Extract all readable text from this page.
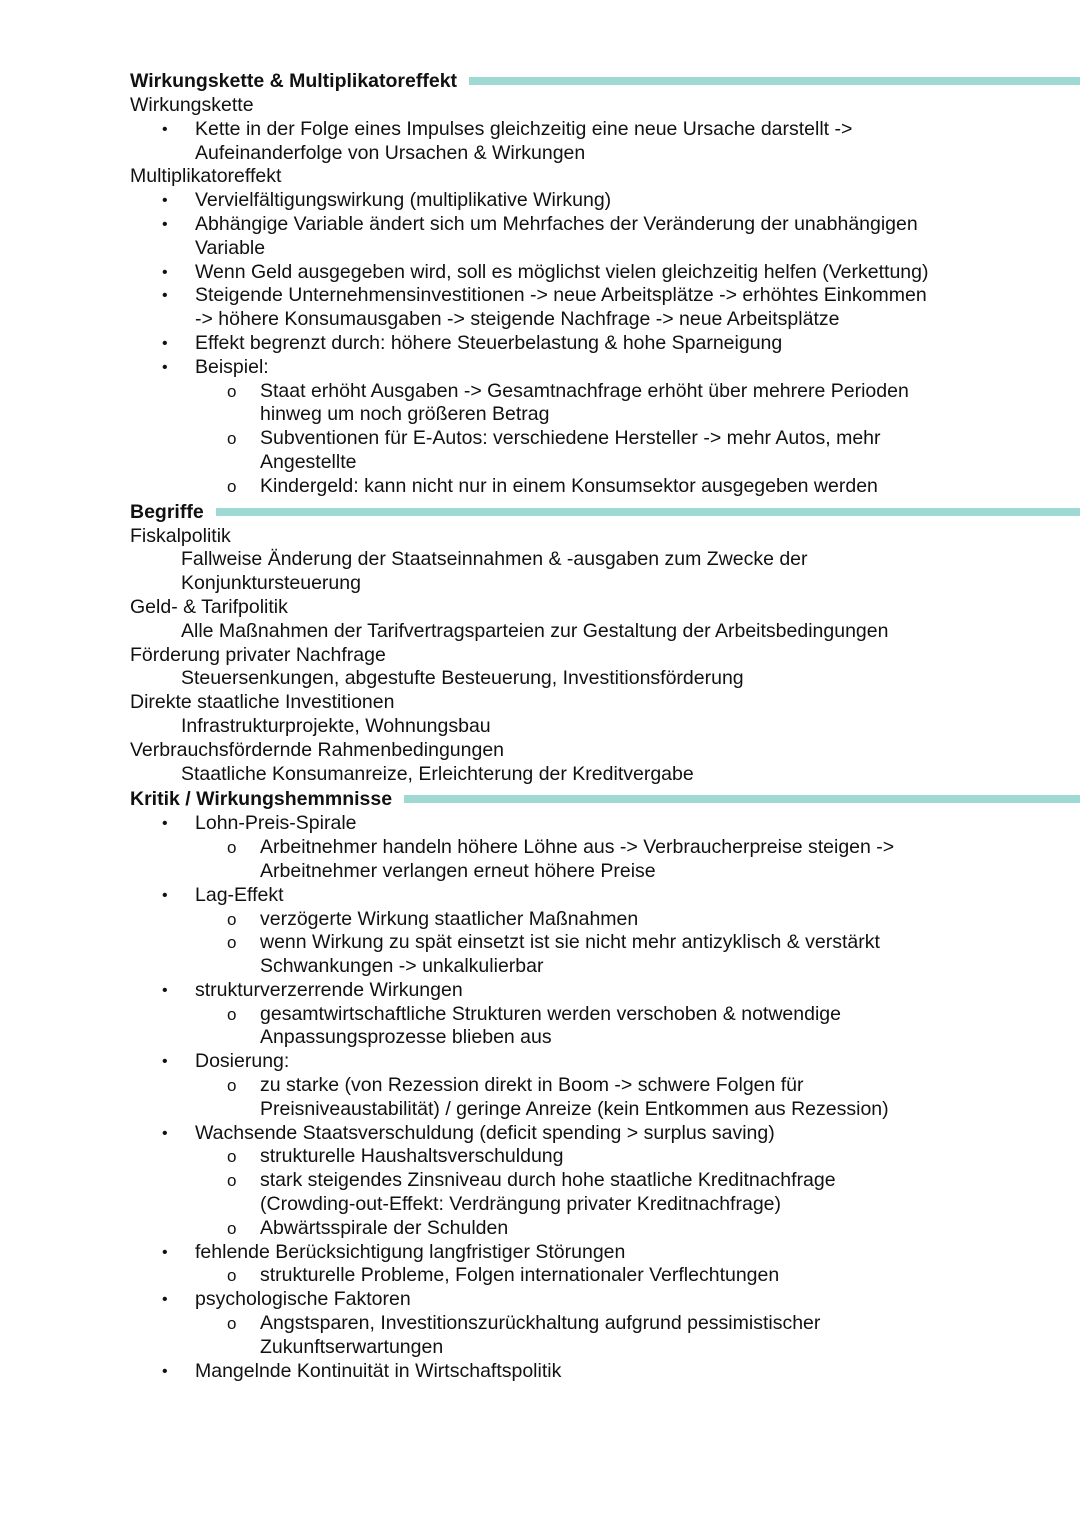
Wirkungskette & Multiplikatoreffekt
Wirkungskette
• Kette in der Folge eines Impulses gleichzeitig eine neue Ursache darstellt ->
Aufeinanderfolge von Ursachen & Wirkungen
Multiplikatoreffekt
• Vervielfältigungswirkung (multiplikative Wirkung)
• Abhängige Variable ändert sich um Mehrfaches der Veränderung der unabhängigen
Variable
• Wenn Geld ausgegeben wird, soll es möglichst vielen gleichzeitig helfen (Verkettung)
• Steigende Unternehmensinvestitionen -> neue Arbeitsplätze -> erhöhtes Einkommen
-> höhere Konsumausgaben -> steigende Nachfrage -> neue Arbeitsplätze
• Effekt begrenzt durch: höhere Steuerbelastung & hohe Sparneigung
• Beispiel:
o Staat erhöht Ausgaben -> Gesamtnachfrage erhöht über mehrere Perioden
hinweg um noch größeren Betrag
o Subventionen für E-Autos: verschiedene Hersteller -> mehr Autos, mehr
Angestellte
o Kindergeld: kann nicht nur in einem Konsumsektor ausgegeben werden
Begriffe
Fiskalpolitik
Fallweise Änderung der Staatseinnahmen & -ausgaben zum Zwecke der
Konjunktursteuerung
Geld- & Tarifpolitik
Alle Maßnahmen der Tarifvertragsparteien zur Gestaltung der Arbeitsbedingungen
Förderung privater Nachfrage
Steuersenkungen, abgestufte Besteuerung, Investitionsförderung
Direkte staatliche Investitionen
Infrastrukturprojekte, Wohnungsbau
Verbrauchsfördernde Rahmenbedingungen
Staatliche Konsumanreize, Erleichterung der Kreditvergabe
Kritik / Wirkungshemmnisse
• Lohn-Preis-Spirale
o Arbeitnehmer handeln höhere Löhne aus -> Verbraucherpreise steigen ->
Arbeitnehmer verlangen erneut höhere Preise
• Lag-Effekt
o verzögerte Wirkung staatlicher Maßnahmen
o wenn Wirkung zu spät einsetzt ist sie nicht mehr antizyklisch & verstärkt
Schwankungen -> unkalkulierbar
• strukturverzerrende Wirkungen
o gesamtwirtschaftliche Strukturen werden verschoben & notwendige
Anpassungsprozesse blieben aus
• Dosierung:
o zu starke (von Rezession direkt in Boom -> schwere Folgen für
Preisniveaustabilität) / geringe Anreize (kein Entkommen aus Rezession)
• Wachsende Staatsverschuldung (deficit spending > surplus saving)
o strukturelle Haushaltsverschuldung
o stark steigendes Zinsniveau durch hohe staatliche Kreditnachfrage
(Crowding-out-Effekt: Verdrängung privater Kreditnachfrage)
o Abwärtsspirale der Schulden
• fehlende Berücksichtigung langfristiger Störungen
o strukturelle Probleme, Folgen internationaler Verflechtungen
• psychologische Faktoren
o Angstsparen, Investitionszurückhaltung aufgrund pessimistischer
Zukunftserwartungen
• Mangelnde Kontinuität in Wirtschaftspolitik
